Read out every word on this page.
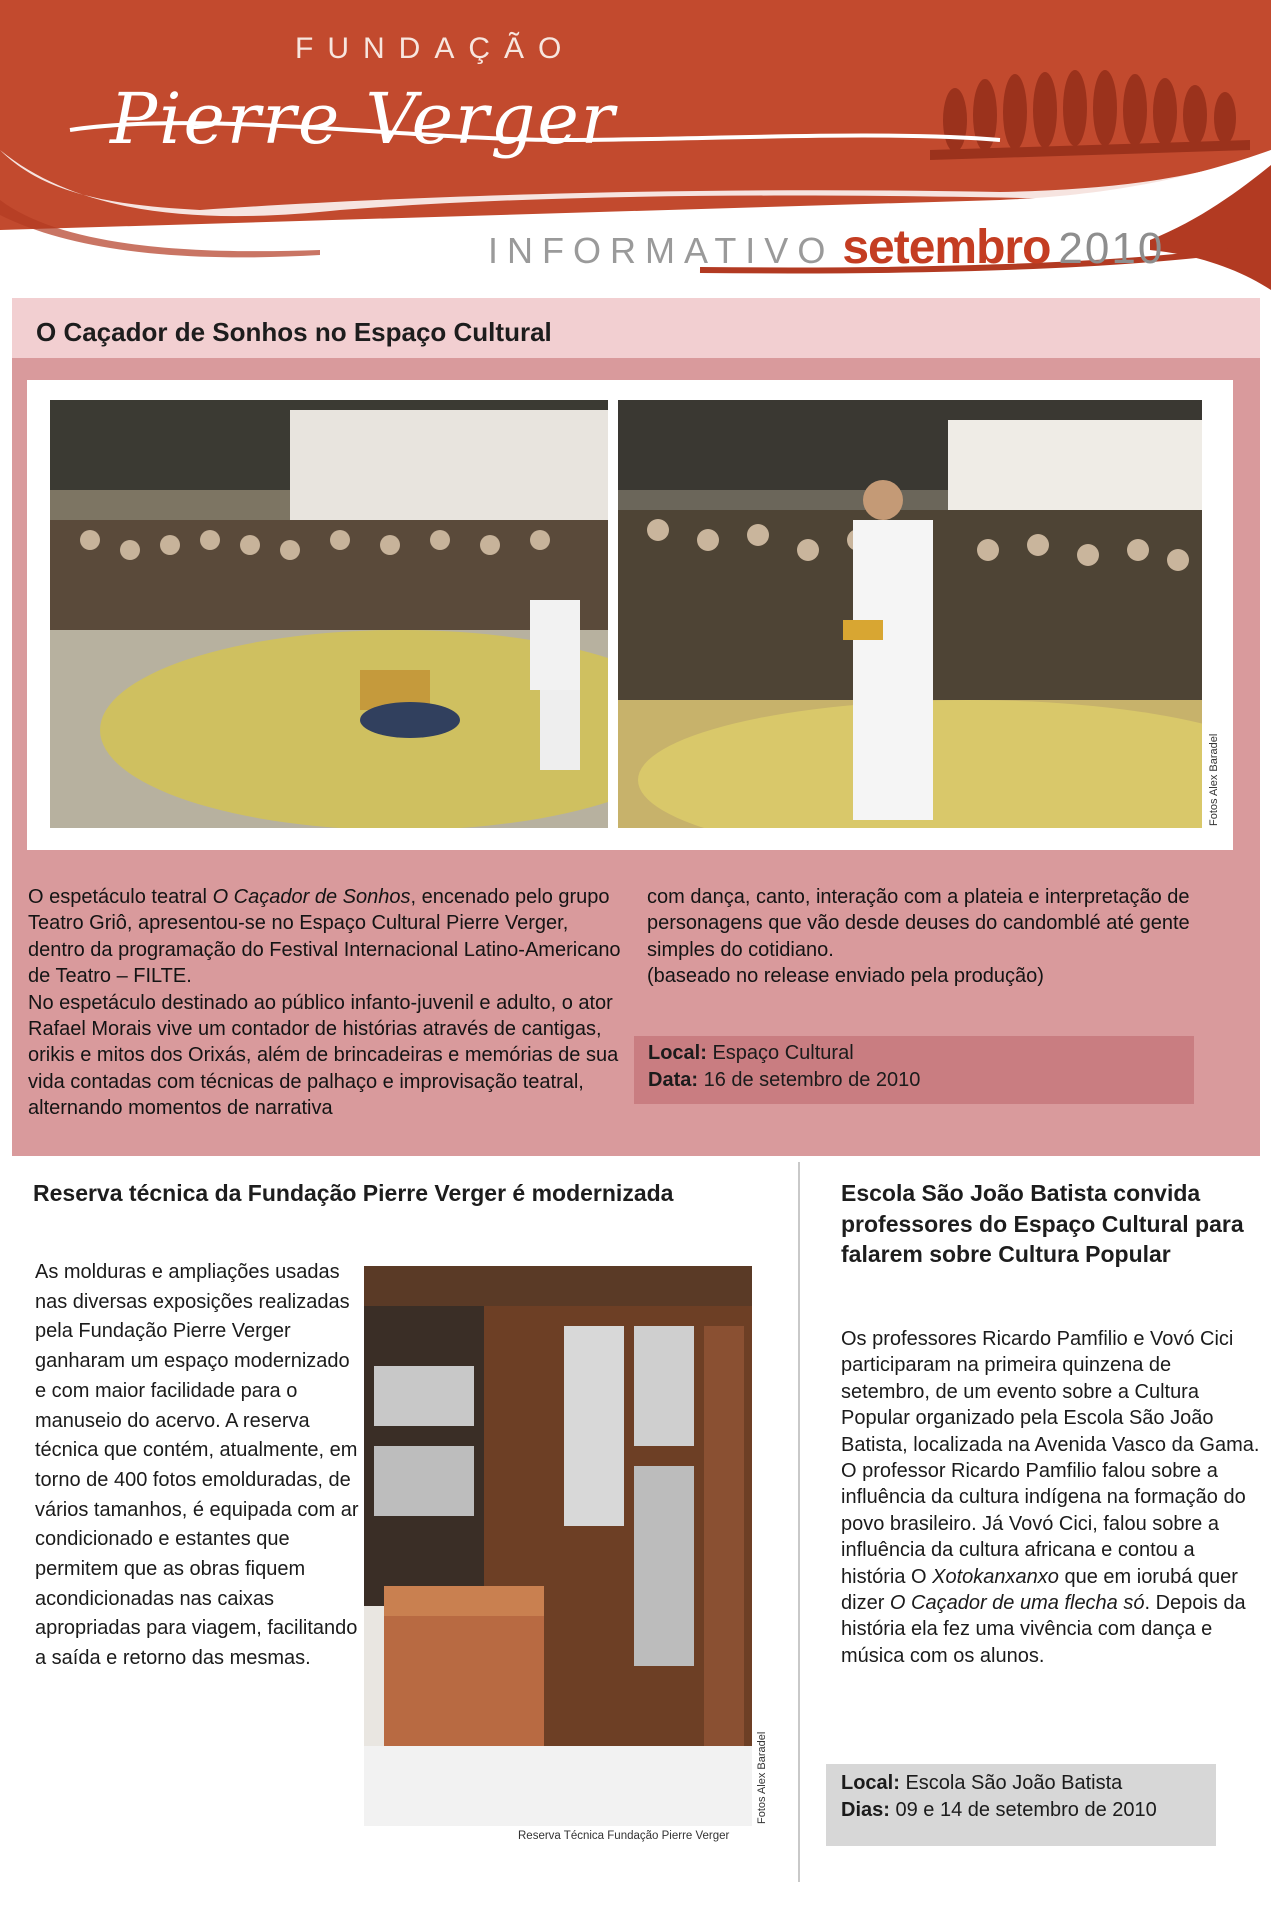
FUNDAÇÃO
Pierre Verger
INFORMATIVO setembro 2010
O Caçador de Sonhos no Espaço Cultural
Fotos Alex Baradel

O espetáculo teatral O Caçador de Sonhos, encenado pelo grupo Teatro Griô, apresentou-se no Espaço Cultural Pierre Verger, dentro da programação do Festival Internacional Latino-Americano de Teatro – FILTE.

No espetáculo destinado ao público infanto-juvenil e adulto, o ator Rafael Morais vive um contador de histórias através de cantigas, orikis e mitos dos Orixás, além de brincadeiras e memórias de sua vida contadas com técnicas de palhaço e improvisação teatral, alternando momentos de narrativa

com dança, canto, interação com a plateia e interpretação de personagens que vão desde deuses do candomblé até gente simples do cotidiano.

(baseado no release enviado pela produção)

Local: Espaço Cultural
Data: 16 de setembro de 2010
Reserva técnica da Fundação Pierre Verger é modernizada

As molduras e ampliações usadas nas diversas exposições realizadas pela Fundação Pierre Verger ganharam um espaço modernizado e com maior facilidade para o manuseio do acervo. A reserva técnica que contém, atualmente, em torno de 400 fotos emolduradas, de vários tamanhos, é equipada com ar condicionado e estantes que permitem que as obras fiquem acondicionadas nas caixas apropriadas para viagem, facilitando a saída e retorno das mesmas.

Fotos Alex Baradel
Reserva Técnica Fundação Pierre Verger
Escola São João Batista convida professores do Espaço Cultural para falarem sobre Cultura Popular

Os professores Ricardo Pamfilio e Vovó Cici participaram na primeira quinzena de setembro, de um evento sobre a Cultura Popular organizado pela Escola São João Batista, localizada na Avenida Vasco da Gama. O professor Ricardo Pamfilio falou sobre a influência da cultura indígena na formação do povo brasileiro. Já Vovó Cici, falou sobre a influência da cultura africana e contou a história O Xotokanxanxo que em iorubá quer dizer O Caçador de uma flecha só. Depois da história ela fez uma vivência com dança e música com os alunos.

Local: Escola São João Batista
Dias: 09 e 14 de setembro de 2010
